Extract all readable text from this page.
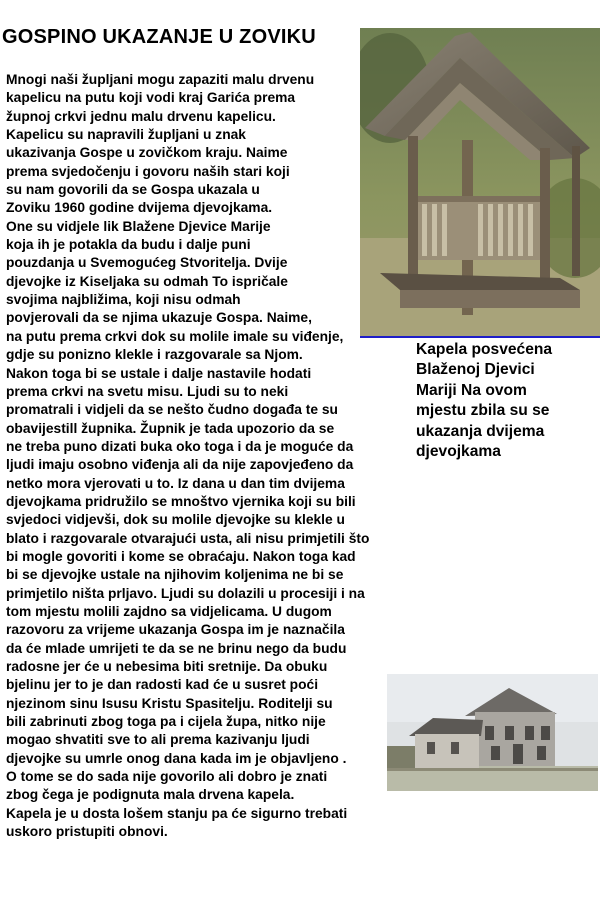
GOSPINO UKAZANJE U ZOVIKU
Kapela posvećena
Blaženoj Djevici
Mariji Na ovom
mjestu zbila su se
ukazanja dvijema
djevojkama
Mnogi naši župljani mogu zapaziti malu drvenu
kapelicu na putu koji vodi kraj Garića prema
župnoj crkvi jednu malu drvenu kapelicu.
Kapelicu su napravili župljani u znak
ukazivanja Gospe u zovičkom kraju. Naime
prema svjedočenju i govoru naših stari koji
su nam govorili da se Gospa ukazala u
Zoviku 1960 godine dvijema djevojkama.
One su vidjele lik Blažene Djevice Marije
koja ih je potakla da budu i dalje puni
pouzdanja u Svemogućeg Stvoritelja. Dvije
djevojke iz Kiseljaka su odmah To ispričale
svojima najbližima, koji nisu odmah
povjerovali da se njima ukazuje Gospa. Naime,
na putu prema crkvi dok su molile imale su viđenje,
gdje su ponizno klekle i razgovarale sa Njom.
Nakon toga bi se ustale i dalje nastavile hodati
prema crkvi na svetu misu. Ljudi su to neki
promatrali i vidjeli da se nešto čudno događa te su
obavijestill župnika. Župnik je tada upozorio da se
ne treba puno dizati buka oko toga i da je moguće da
ljudi imaju osobno viđenja ali da nije zapovjeđeno da
netko mora vjerovati u to. Iz dana u dan tim dvijema
djevojkama pridružilo se mnoštvo vjernika koji su bili
svjedoci vidjevši, dok su molile djevojke su klekle u
blato i razgovarale otvarajući usta, ali nisu primjetili što
bi mogle govoriti i kome se obraćaju. Nakon toga kad
bi se djevojke ustale na njihovim koljenima ne bi se
primjetilo ništa prljavo. Ljudi su dolazili u procesiji i na
tom mjestu molili zajdno sa vidjelicama. U dugom
razovoru za vrijeme ukazanja Gospa im je naznačila
da će mlade umrijeti te da se ne brinu nego da budu
radosne jer će u nebesima biti sretnije. Da obuku
bjelinu jer to je dan radosti kad će u susret poći
njezinom sinu Isusu Kristu Spasitelju. Roditelji su
bili zabrinuti zbog toga pa i cijela župa, nitko nije
mogao shvatiti sve to ali prema kazivanju ljudi
djevojke su umrle onog dana kada im je objavljeno .
O tome se do sada nije govorilo ali dobro je znati
zbog čega je podignuta mala drvena kapela.
Kapela je u dosta lošem stanju pa će sigurno trebati
uskoro pristupiti obnovi.
